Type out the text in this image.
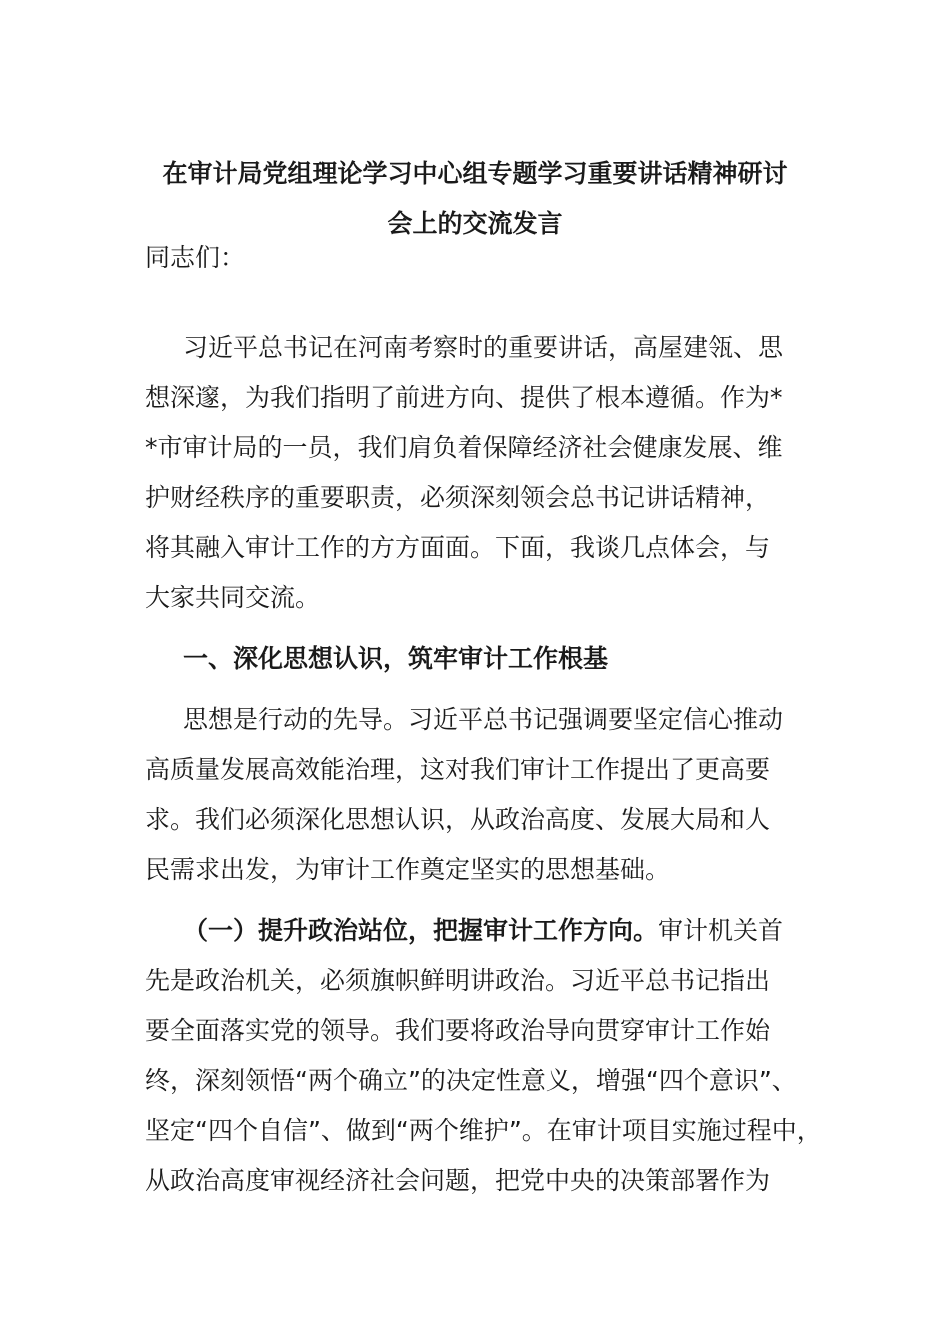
在审计局党组理论学习中心组专题学习重要讲话精神研讨
会上的交流发言
同志们：
习近平总书记在河南考察时的重要讲话，高屋建瓴、思
想深邃，为我们指明了前进方向、提供了根本遵循。作为*
*市审计局的一员，我们肩负着保障经济社会健康发展、维
护财经秩序的重要职责，必须深刻领会总书记讲话精神，
将其融入审计工作的方方面面。下面，我谈几点体会，与
大家共同交流。
一、深化思想认识，筑牢审计工作根基
思想是行动的先导。习近平总书记强调要坚定信心推动
高质量发展高效能治理，这对我们审计工作提出了更高要
求。我们必须深化思想认识，从政治高度、发展大局和人
民需求出发，为审计工作奠定坚实的思想基础。
（一）提升政治站位，把握审计工作方向。审计机关首
先是政治机关，必须旗帜鲜明讲政治。习近平总书记指出
要全面落实党的领导。我们要将政治导向贯穿审计工作始
终，深刻领悟“两个确立”的决定性意义，增强“四个意识”、
坚定“四个自信”、做到“两个维护”。在审计项目实施过程中，
从政治高度审视经济社会问题，把党中央的决策部署作为
